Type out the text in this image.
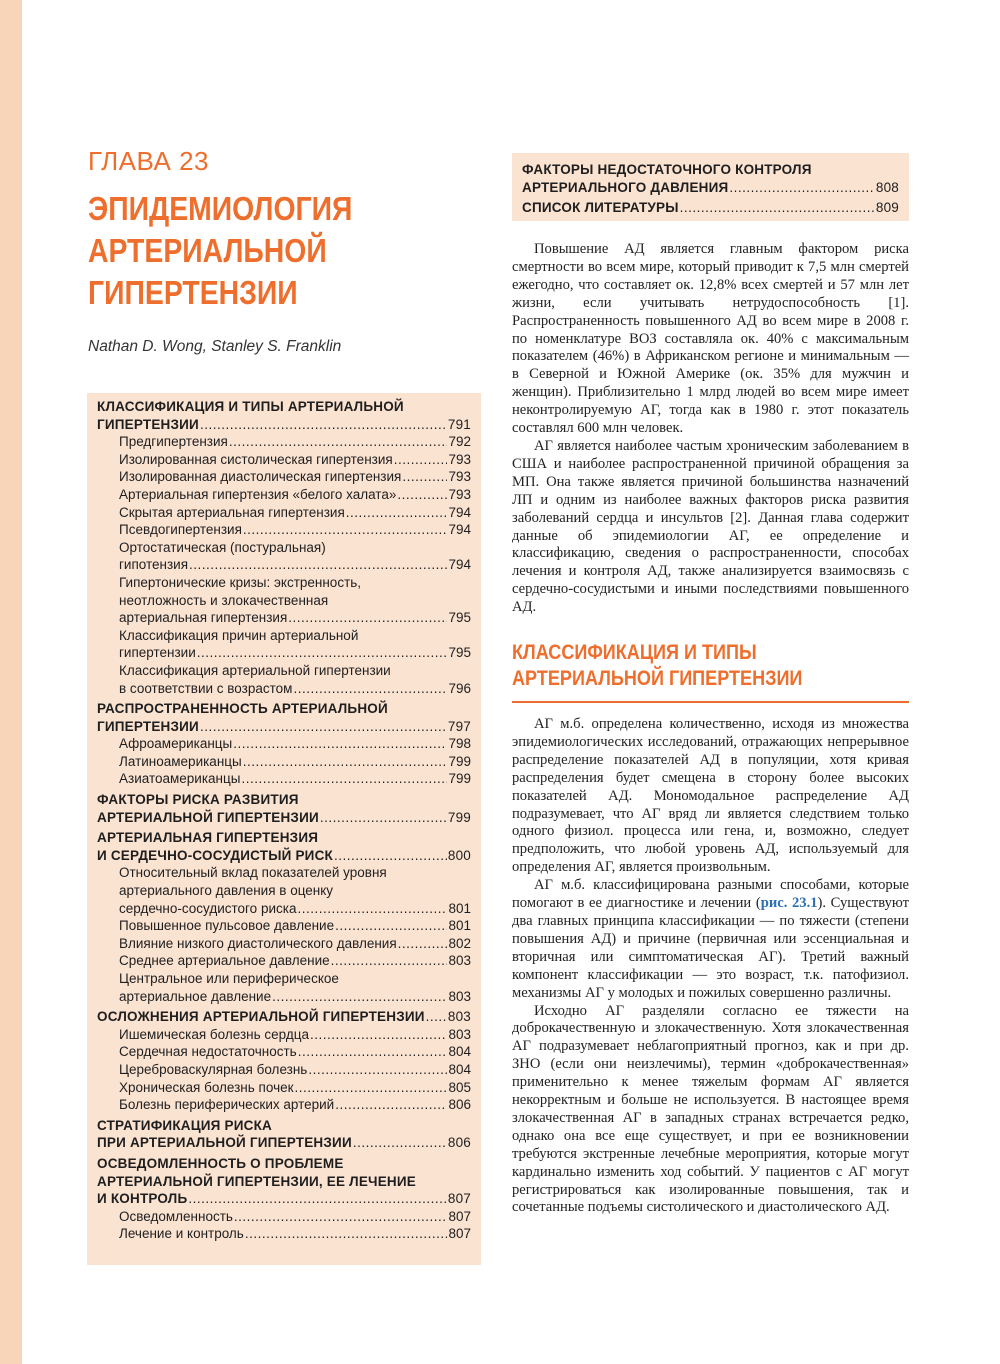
ГЛАВА 23
ЭПИДЕМИОЛОГИЯ
АРТЕРИАЛЬНОЙ
ГИПЕРТЕНЗИИ
Nathan D. Wong, Stanley S. Franklin
КЛАССИФИКАЦИЯ И ТИПЫ АРТЕРИАЛЬНОЙ
ГИПЕРТЕНЗИИ .....	791
Предгипертензия .....	792
Изолированная систолическая гипертензия .....	793
Изолированная диастолическая гипертензия .....	793
Артериальная гипертензия «белого халата» .....	793
Скрытая артериальная гипертензия .....	794
Псевдогипертензия .....	794
Ортостатическая (постуральная)
гипотензия .....	794
Гипертонические кризы: экстренность,
неотложность и злокачественная
артериальная гипертензия .....	795
Классификация причин артериальной
гипертензии .....	795
Классификация артериальной гипертензии
в соответствии с возрастом .....	796
РАСПРОСТРАНЕННОСТЬ АРТЕРИАЛЬНОЙ
ГИПЕРТЕНЗИИ .....	797
Афроамериканцы .....	798
Латиноамериканцы .....	799
Азиатоамериканцы .....	799
ФАКТОРЫ РИСКА РАЗВИТИЯ
АРТЕРИАЛЬНОЙ ГИПЕРТЕНЗИИ .....	799
АРТЕРИАЛЬНАЯ ГИПЕРТЕНЗИЯ
И СЕРДЕЧНО-СОСУДИСТЫЙ РИСК .....	800
Относительный вклад показателей уровня
артериального давления в оценку
сердечно-сосудистого риска .....	801
Повышенное пульсовое давление .....	801
Влияние низкого диастолического давления .....	802
Среднее артериальное давление .....	803
Центральное или периферическое
артериальное давление .....	803
ОСЛОЖНЕНИЯ АРТЕРИАЛЬНОЙ ГИПЕРТЕНЗИИ ..... 803
Ишемическая болезнь сердца .....	803
Сердечная недостаточность .....	804
Цереброваскулярная болезнь .....	804
Хроническая болезнь почек .....	805
Болезнь периферических артерий .....	806
СТРАТИФИКАЦИЯ РИСКА
ПРИ АРТЕРИАЛЬНОЙ ГИПЕРТЕНЗИИ .....	806
ОСВЕДОМЛЕННОСТЬ О ПРОБЛЕМЕ
АРТЕРИАЛЬНОЙ ГИПЕРТЕНЗИИ, ЕЕ ЛЕЧЕНИЕ
И КОНТРОЛЬ .....	807
Осведомленность .....	807
Лечение и контроль .....	807
ФАКТОРЫ НЕДОСТАТОЧНОГО КОНТРОЛЯ
АРТЕРИАЛЬНОГО ДАВЛЕНИЯ .....	808
СПИСОК ЛИТЕРАТУРЫ .....	809

Повышение АД является главным фактором риска смертности во всем мире, который приводит к 7,5 млн смертей ежегодно, что составляет ок. 12,8% всех смертей и 57 млн лет жизни, если учитывать нетрудоспособность [1]. Распространенность повышенного АД во всем мире в 2008 г. по номенклатуре ВОЗ составляла ок. 40% с максимальным показателем (46%) в Африканском регионе и минимальным — в Северной и Южной Америке (ок. 35% для мужчин и женщин). Приблизительно 1 млрд людей во всем мире имеет неконтролируемую АГ, тогда как в 1980 г. этот показатель составлял 600 млн человек.

АГ является наиболее частым хроническим заболеванием в США и наиболее распространенной причиной обращения за МП. Она также является причиной большинства назначений ЛП и одним из наиболее важных факторов риска развития заболеваний сердца и инсультов [2]. Данная глава содержит данные об эпидемиологии АГ, ее определение и классификацию, сведения о распространенности, способах лечения и контроля АД, также анализируется взаимосвязь с сердечно-сосудистыми и иными последствиями повышенного АД.

КЛАССИФИКАЦИЯ И ТИПЫ АРТЕРИАЛЬНОЙ ГИПЕРТЕНЗИИ

АГ м.б. определена количественно, исходя из множества эпидемиологических исследований, отражающих непрерывное распределение показателей АД в популяции, хотя кривая распределения будет смещена в сторону более высоких показателей АД. Мономодальное распределение АД подразумевает, что АГ вряд ли является следствием только одного физиол. процесса или гена, и, возможно, следует предположить, что любой уровень АД, используемый для определения АГ, является произвольным.

АГ м.б. классифицирована разными способами, которые помогают в ее диагностике и лечении (рис. 23.1). Существуют два главных принципа классификации — по тяжести (степени повышения АД) и причине (первичная или эссенциальная и вторичная или симптоматическая АГ). Третий важный компонент классификации — это возраст, т.к. патофизиол. механизмы АГ у молодых и пожилых совершенно различны.

Исходно АГ разделяли согласно ее тяжести на доброкачественную и злокачественную. Хотя злокачественная АГ подразумевает неблагоприятный прогноз, как и при др. ЗНО (если они неизлечимы), термин «доброкачественная» применительно к менее тяжелым формам АГ является некорректным и больше не используется. В настоящее время злокачественная АГ в западных странах встречается редко, однако она все еще существует, и при ее возникновении требуются экстренные лечебные мероприятия, которые могут кардинально изменить ход событий. У пациентов с АГ могут регистрироваться как изолированные повышения, так и сочетанные подъемы систолического и диастолического АД.
